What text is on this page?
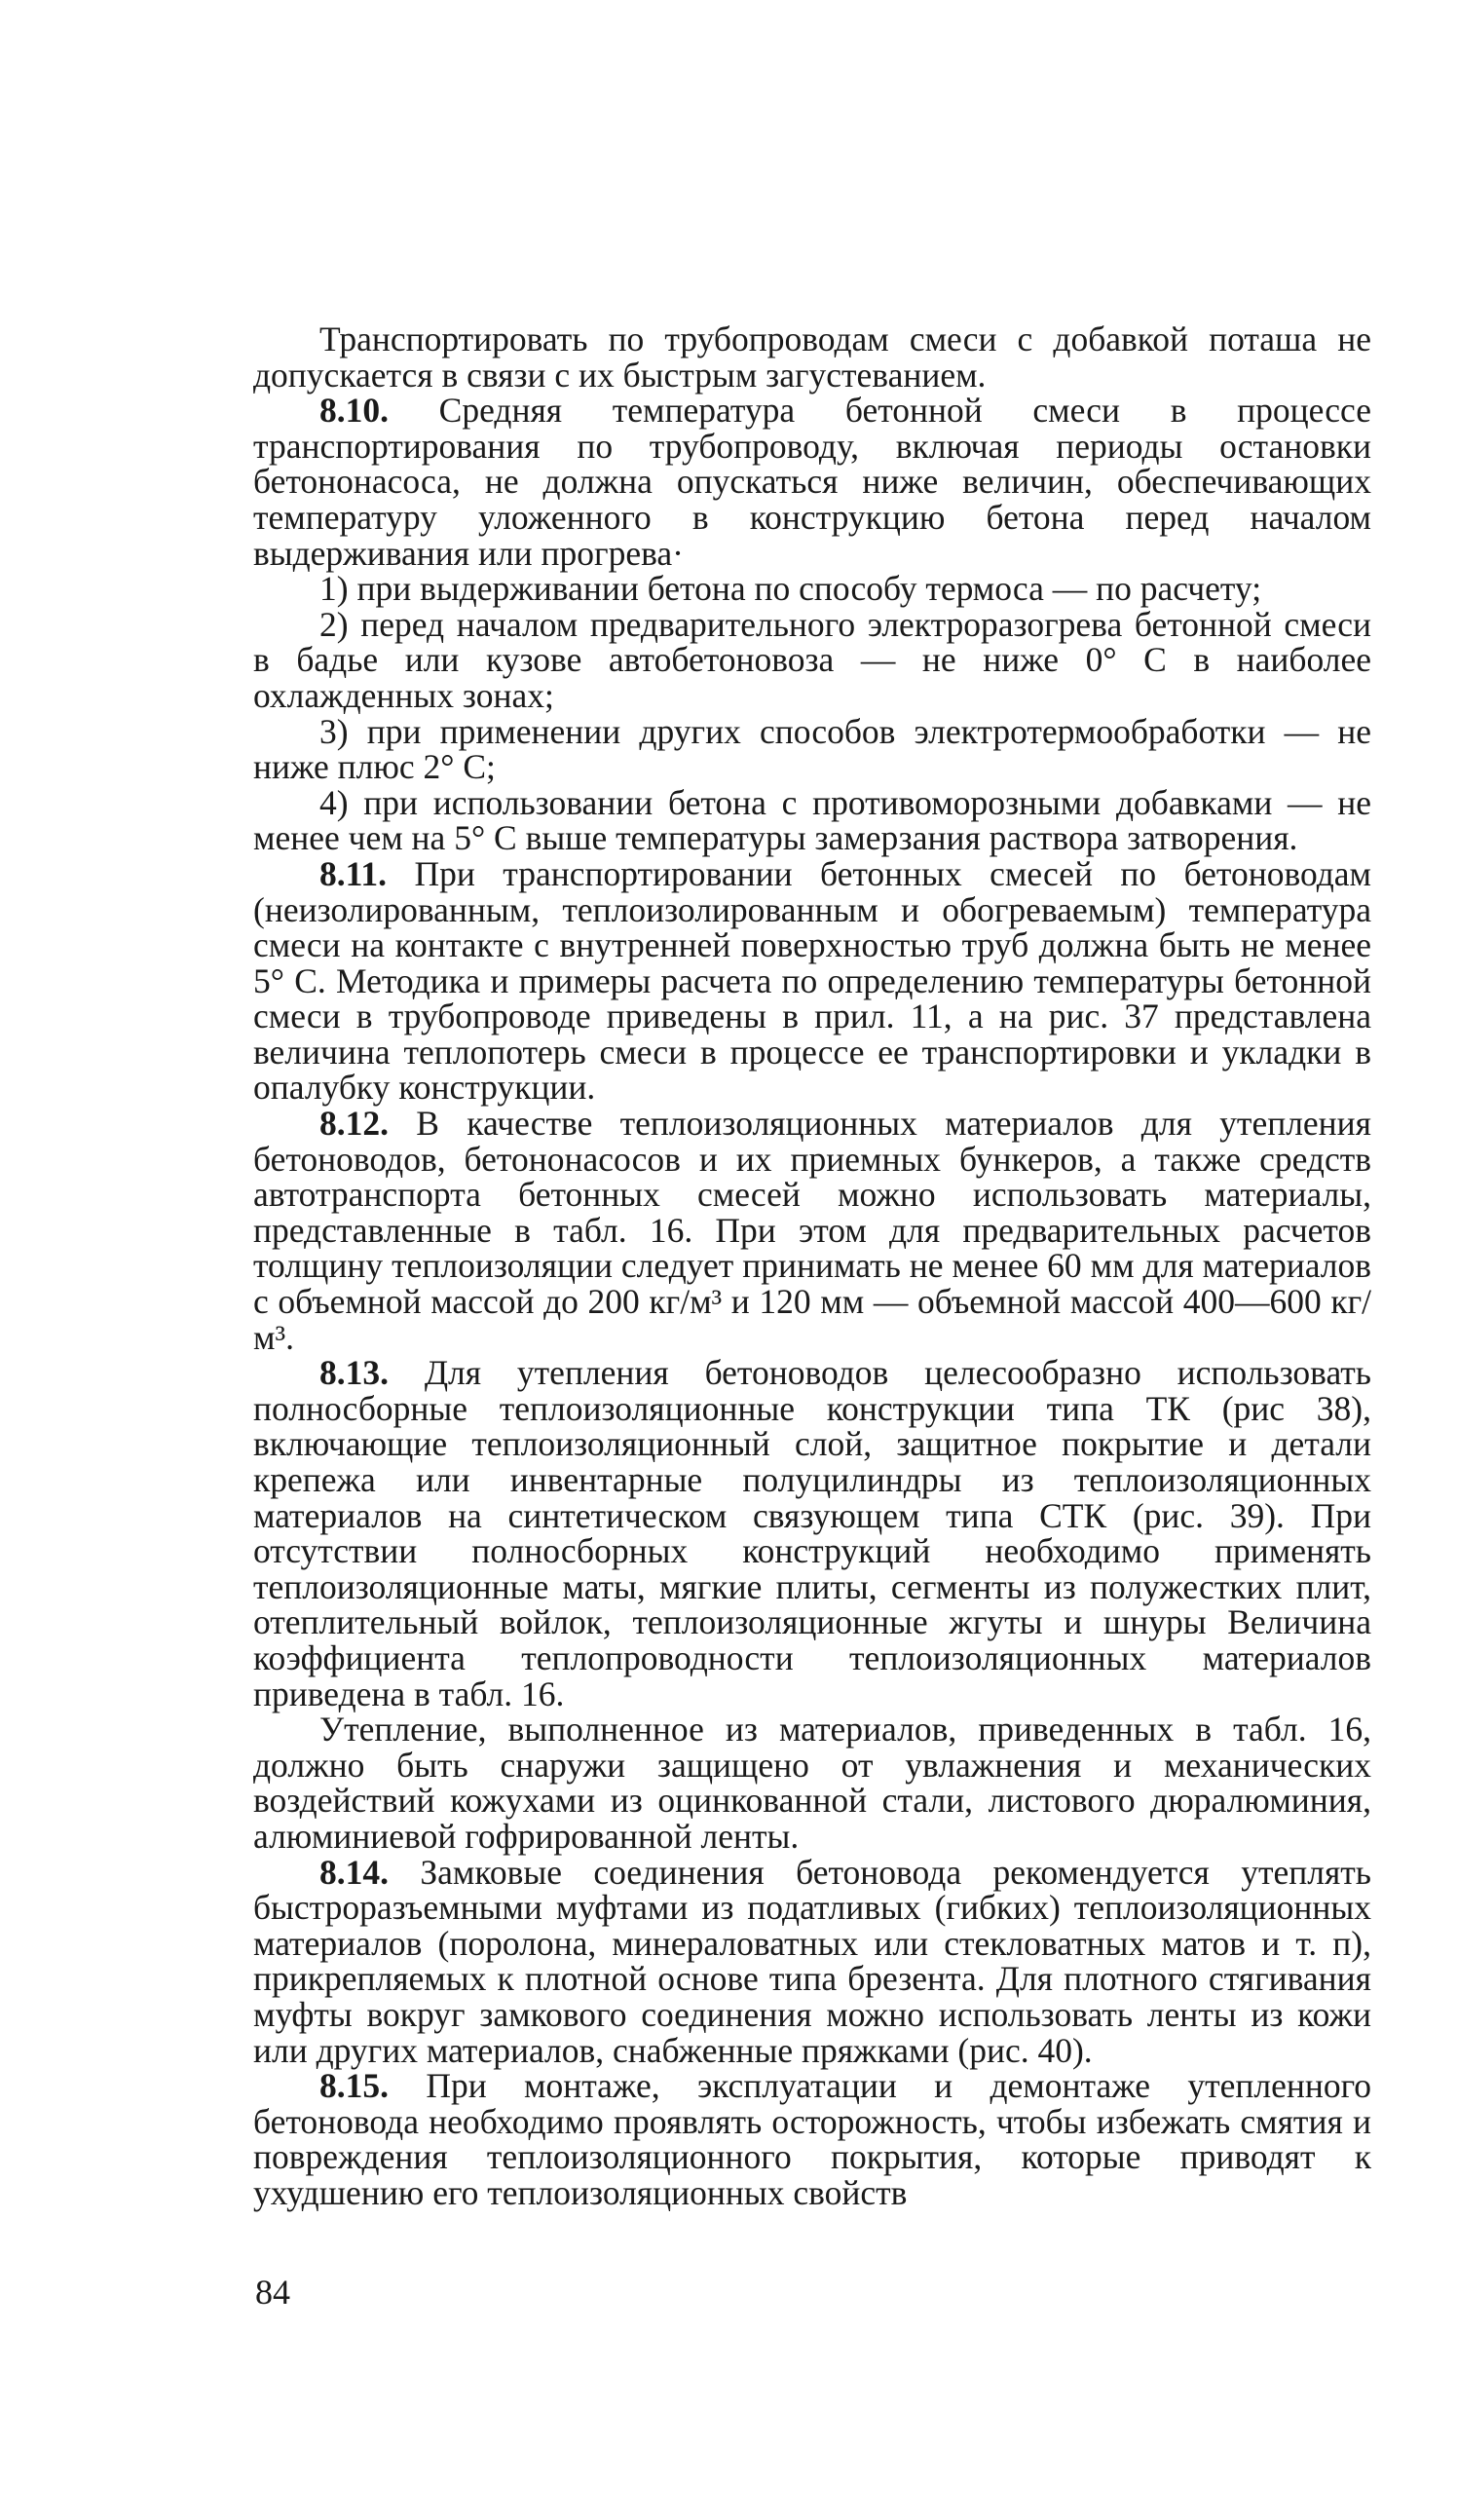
Транспортировать по трубопроводам смеси с добавкой поташа не допускается в связи с их быстрым загустеванием.

8.10. Средняя температура бетонной смеси в процессе транспортирования по трубопроводу, включая периоды остановки бетононасоса, не должна опускаться ниже величин, обеспечивающих температуру уложенного в конструкцию бетона перед началом выдерживания или прогрева·

1) при выдерживании бетона по способу термоса — по расчету;

2) перед началом предварительного электроразогрева бетонной смеси в бадье или кузове автобетоновоза — не ниже 0° С в наиболее охлажденных зонах;

3) при применении других способов электротермообработки — не ниже плюс 2° С;

4) при использовании бетона с противоморозными добавками — не менее чем на 5° С выше температуры замерзания раствора затворения.

8.11. При транспортировании бетонных смесей по бетоноводам (неизолированным, теплоизолированным и обогреваемым) температура смеси на контакте с внутренней поверхностью труб должна быть не менее 5° С. Методика и примеры расчета по определению температуры бетонной смеси в трубопроводе приведены в прил. 11, а на рис. 37 представлена величина теплопотерь смеси в процессе ее транспортировки и укладки в опалубку конструкции.

8.12. В качестве теплоизоляционных материалов для утепления бетоноводов, бетононасосов и их приемных бункеров, а также средств автотранспорта бетонных смесей можно использовать материалы, представленные в табл. 16. При этом для предварительных расчетов толщину теплоизоляции следует принимать не менее 60 мм для материалов с объемной массой до 200 кг/м³ и 120 мм — объемной массой 400—600 кг/м³.

8.13. Для утепления бетоноводов целесообразно использовать полносборные теплоизоляционные конструкции типа ТК (рис 38), включающие теплоизоляционный слой, защитное покрытие и детали крепежа или инвентарные полуцилиндры из теплоизоляционных материалов на синтетическом связующем типа СТК (рис. 39). При отсутствии полносборных конструкций необходимо применять теплоизоляционные маты, мягкие плиты, сегменты из полужестких плит, отеплительный войлок, теплоизоляционные жгуты и шнуры Величина коэффициента теплопроводности теплоизоляционных материалов приведена в табл. 16.

Утепление, выполненное из материалов, приведенных в табл. 16, должно быть снаружи защищено от увлажнения и механических воздействий кожухами из оцинкованной стали, листового дюралюминия, алюминиевой гофрированной ленты.

8.14. Замковые соединения бетоновода рекомендуется утеплять быстроразъемными муфтами из податливых (гибких) теплоизоляционных материалов (поролона, минераловатных или стекловатных матов и т. п), прикрепляемых к плотной основе типа брезента. Для плотного стягивания муфты вокруг замкового соединения можно использовать ленты из кожи или других материалов, снабженные пряжками (рис. 40).

8.15. При монтаже, эксплуатации и демонтаже утепленного бетоновода необходимо проявлять осторожность, чтобы избежать смятия и повреждения теплоизоляционного покрытия, которые приводят к ухудшению его теплоизоляционных свойств

84
